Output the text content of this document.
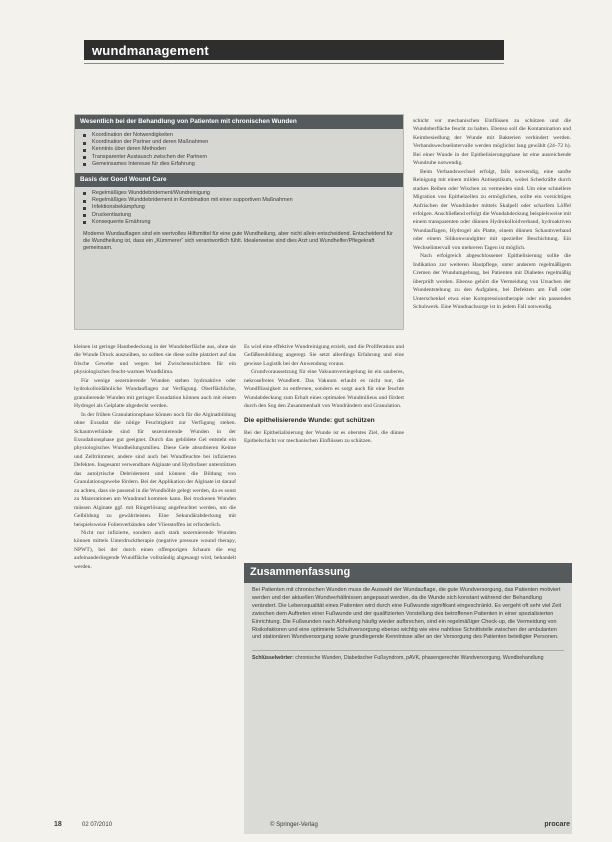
wundmanagement
Wesentlich bei der Behandlung von Patienten mit chronischen Wunden
Koordination der Notwendigkeiten
Koordination der Partner und deren Maßnahmen
Kenntnis über deren Methoden
Transparenter Austausch zwischen der Partnern
Gemeinsames Interesse für dies Erfahrung
Basis der Good Wound Care
Regelmäßiges Wunddebridement/Wundreinigung
Regelmäßiges Wunddebridement in Kombination mit einer supportiven Maßnahmen
Infektionsbekämpfung
Druckentlastung
Konsequente Ernährung
Moderne Wundauflagen sind ein wertvolles Hilfsmittel für eine gute Wundheilung, aber nicht allein entscheidend. Entscheidend für die Wundheilung ist, dass ein „Kümmerer“ sich verantwortlich fühlt. Idealerweise sind dies Arzt und Wundhelfer/Pflegekraft gemeinsam.

kleinen ist geringe Hautbedeckung in der Wundoberfläche aus, ohne sie die Wunde Druck auszuüben, so sollten sie diese sollte platziert auf das frische Gewebe und wegen bei Zwischenschichten für ein physiologisches feucht-warmes Wundklima.

Für wenige sezernierende Wunden stehen hydroaktive oder hydrokolloidähnliche Wundauflagen zur Verfügung. Oberflächliche, granulierende Wunden mit geringer Exsudation können auch mit einem Hydrogel als Gelplatte abgedeckt werden.

In der frühen Granulationsphase können noch für die Alginatbildung ohne Exsudat die nötige Feuchtigkeit zur Verfügung stehen. Schaumverbände sind für sezernierende Wunden in der Exsudationsphase gut geeignet. Durch das gebildete Gel entsteht ein physiologisches Wundheilungsmilieu. Diese Gele absorbieren Keime und Zelltrümmer, andere sind auch bei Wundfeuchte bei infizierten Defekten. Insgesamt verwendbare Alginate und Hydrofaser unterstützen das autolytische Debridement und können die Bildung von Granulationsgewebe fördern. Bei der Applikation der Alginate ist darauf zu achten, dass sie passend in die Wundhöhle gelegt werden, da es sonst zu Mazerationen am Wundrand kommen kann. Bei trockenen Wunden müssen Alginate ggf. mit Ringerlösung angefeuchtet werden, um die Gelbildung zu gewährleisten. Eine Sekundärabdeckung mit beispielsweise Folienverbänden oder Vliesstoffen ist erforderlich.

Nicht nur infizierte, sondern auch stark sezernierende Wunden können mittels Unterdrucktherapie (negative pressure wound therapy, NPWT), bei der durch einen offenporigen Schaum die eng aufeinanderliegende Wundfläche vollständig abgesaugt wird, behandelt werden.

Es wird eine effektive Wundreinigung erzielt, und die Proliferation und Gefäßneubildung angeregt. Sie setzt allerdings Erfahrung und eine gewisse Logistik bei der Anwendung voraus.

Grundvoraussetzung für eine Vakuumversiegelung ist ein sauberes, nekrosefreies Wundbett. Das Vakuum erlaubt es nicht nur, die Wundflüssigkeit zu entfernen, sondern es sorgt auch für eine feuchte Wundabdeckung zum Erhalt eines optimalen Wundmilieus und fördert durch den Sog den Zusammenhalt von Wundrändern und Granulation.

Die epithelisierende Wunde: gut schützen

Bei der Epithelialisierung der Wunde ist es oberstes Ziel, die dünne Epithelschicht vor mechanischen Einflüssen zu schützen.

schicht vor mechanischen Einflüssen zu schützen und die Wundoberfläche feucht zu halten. Ebenso soll die Kontamination und Keimbesiedlung der Wunde mit Bakterien verhindert werden. Verbandswechselintervalle werden möglichst lang gewählt (24–72 h). Bei einer Wunde in der Epithelisierungsphase ist eine ausreichende Wundruhe notwendig.

Beim Verbandswechsel erfolgt, falls notwendig, eine sanfte Reinigung mit einem milden Antiseptikum, wobei Scherkräfte durch starkes Reiben oder Wischen zu vermeiden sind. Um eine schnellere Migration von Epithelzellen zu ermöglichen, sollte ein vorsichtiges Anfrischen der Wundränder mittels Skalpell oder scharfem Löffel erfolgen. Anschließend erfolgt die Wundabdeckung beispielsweise mit einem transparenten oder dünnen Hydrokolloidverband, hydroaktiven Wundauflagen, Hydrogel als Platte, einem dünnen Schaumverband oder einem Silikonwundgitter mit spezieller Beschichtung. Ein Wechselintervall von mehreren Tagen ist möglich.

Nach erfolgreich abgeschlossener Epithelisierung sollte die Indikation zur weiteren Hautpflege, unter anderem regelmäßigem Cremen der Wundumgebung, bei Patienten mit Diabetes regelmäßig überprüft werden. Ebenso gehört die Vermeidung von Ursachen der Wundentstehung zu den Aufgaben, bei Defekten am Fuß oder Unterschenkel etwa eine Kompressionstherapie oder ein passendes Schuhwerk. Eine Wundnachsorge ist in jedem Fall notwendig.

Zusammenfassung
Bei Patienten mit chronischen Wunden muss die Auswahl der Wundauflage, die gute Wundversorgung, das Patienten motiviert werden und der aktuellen Wundverhältnissen angepasst werden, da die Wunde sich konstant während der Behandlung verändert. Die Lebensqualität eines Patienten wird durch eine Fußwunde signifikant eingeschränkt. Es vergeht oft sehr viel Zeit zwischen dem Auftreten einer Fußwunde und der qualifizierten Vorstellung des betroffenen Patienten in einer spezialisierten Einrichtung. Die Fußwunden nach Abheilung häufig wieder aufbrechen, sind ein regelmäßiger Check-up, die Vermeidung von Risikofaktoren und eine optimierte Schuhversorgung ebenso wichtig wie eine nahtlose Schnittstelle zwischen der ambulanten und stationären Wundversorgung sowie grundlegende Kenntnisse aller an der Versorgung des Patienten beteiligter Personen.
Schlüsselwörter: chronische Wunden, Diabetischer Fußsyndrom, pAVK, phasengerechte Wundversorgung, Wundbehandlung
18	02 07/2010	© Springer-Verlag	procare
